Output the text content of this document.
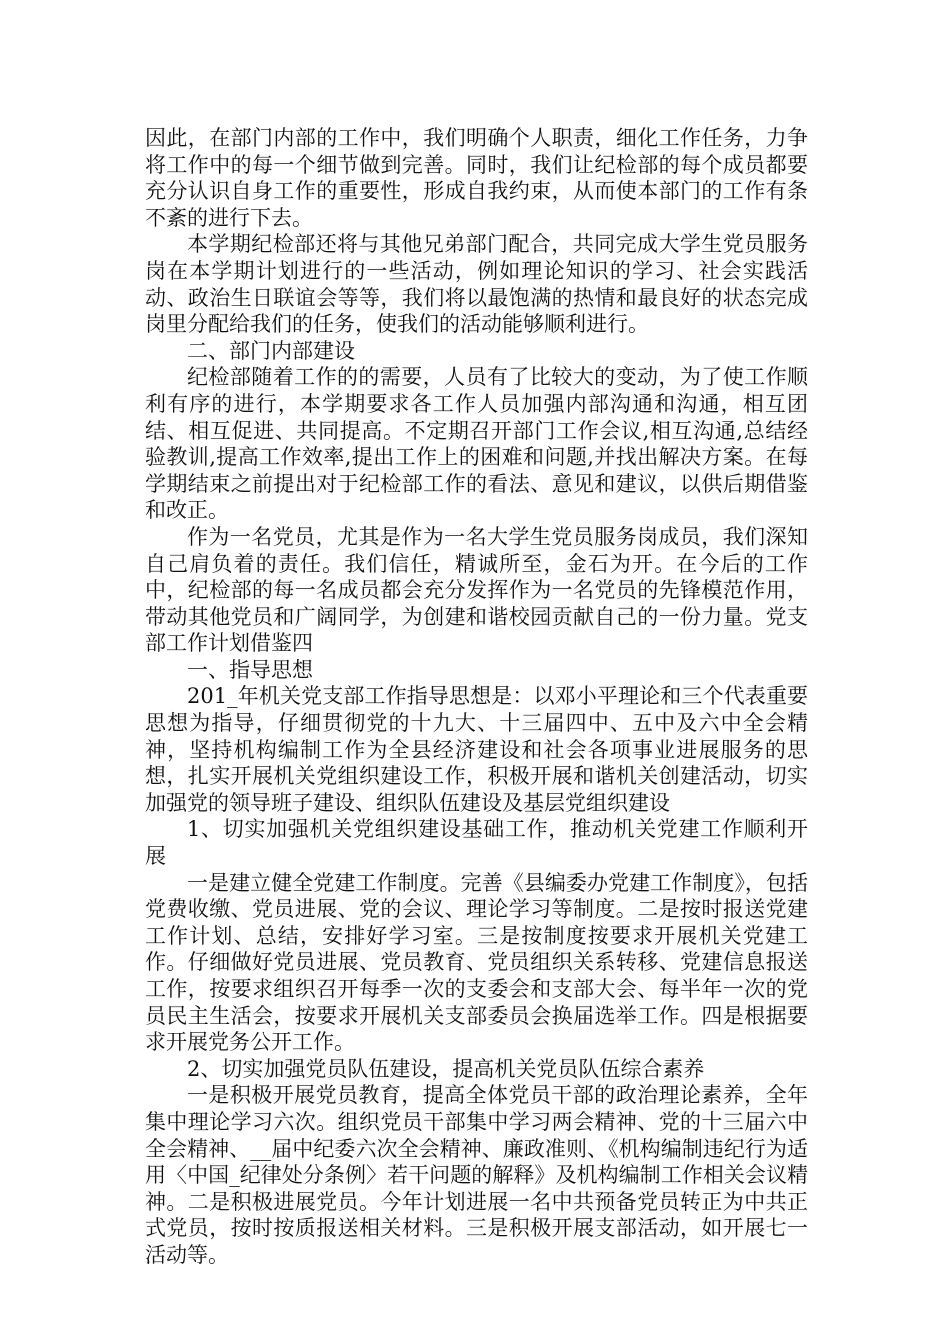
因此，在部门内部的工作中，我们明确个人职责，细化工作任务，力争将工作中的每一个细节做到完善。同时，我们让纪检部的每个成员都要充分认识自身工作的重要性，形成自我约束，从而使本部门的工作有条不紊的进行下去。

本学期纪检部还将与其他兄弟部门配合，共同完成大学生党员服务岗在本学期计划进行的一些活动，例如理论知识的学习、社会实践活动、政治生日联谊会等等，我们将以最饱满的热情和最良好的状态完成岗里分配给我们的任务，使我们的活动能够顺利进行。

二、部门内部建设

纪检部随着工作的的需要，人员有了比较大的变动，为了使工作顺利有序的进行，本学期要求各工作人员加强内部沟通和沟通，相互团结、相互促进、共同提高。不定期召开部门工作会议,相互沟通,总结经验教训,提高工作效率,提出工作上的困难和问题,并找出解决方案。在每学期结束之前提出对于纪检部工作的看法、意见和建议，以供后期借鉴和改正。

作为一名党员，尤其是作为一名大学生党员服务岗成员，我们深知自己肩负着的责任。我们信任，精诚所至，金石为开。在今后的工作中，纪检部的每一名成员都会充分发挥作为一名党员的先锋模范作用，带动其他党员和广阔同学，为创建和谐校园贡献自己的一份力量。党支部工作计划借鉴四

一、指导思想

201_年机关党支部工作指导思想是：以邓小平理论和三个代表重要思想为指导，仔细贯彻党的十九大、十三届四中、五中及六中全会精神，坚持机构编制工作为全县经济建设和社会各项事业进展服务的思想，扎实开展机关党组织建设工作，积极开展和谐机关创建活动，切实加强党的领导班子建设、组织队伍建设及基层党组织建设

1、切实加强机关党组织建设基础工作，推动机关党建工作顺利开展

一是建立健全党建工作制度。完善《县编委办党建工作制度》，包括党费收缴、党员进展、党的会议、理论学习等制度。二是按时报送党建工作计划、总结，安排好学习室。三是按制度按要求开展机关党建工作。仔细做好党员进展、党员教育、党员组织关系转移、党建信息报送工作，按要求组织召开每季一次的支委会和支部大会、每半年一次的党员民主生活会，按要求开展机关支部委员会换届选举工作。四是根据要求开展党务公开工作。

2、切实加强党员队伍建设，提高机关党员队伍综合素养

一是积极开展党员教育，提高全体党员干部的政治理论素养，全年集中理论学习六次。组织党员干部集中学习两会精神、党的十三届六中全会精神、__届中纪委六次全会精神、廉政准则、《机构编制违纪行为适用〈中国_纪律处分条例〉若干问题的解释》及机构编制工作相关会议精神。二是积极进展党员。今年计划进展一名中共预备党员转正为中共正式党员，按时按质报送相关材料。三是积极开展支部活动，如开展七一活动等。
